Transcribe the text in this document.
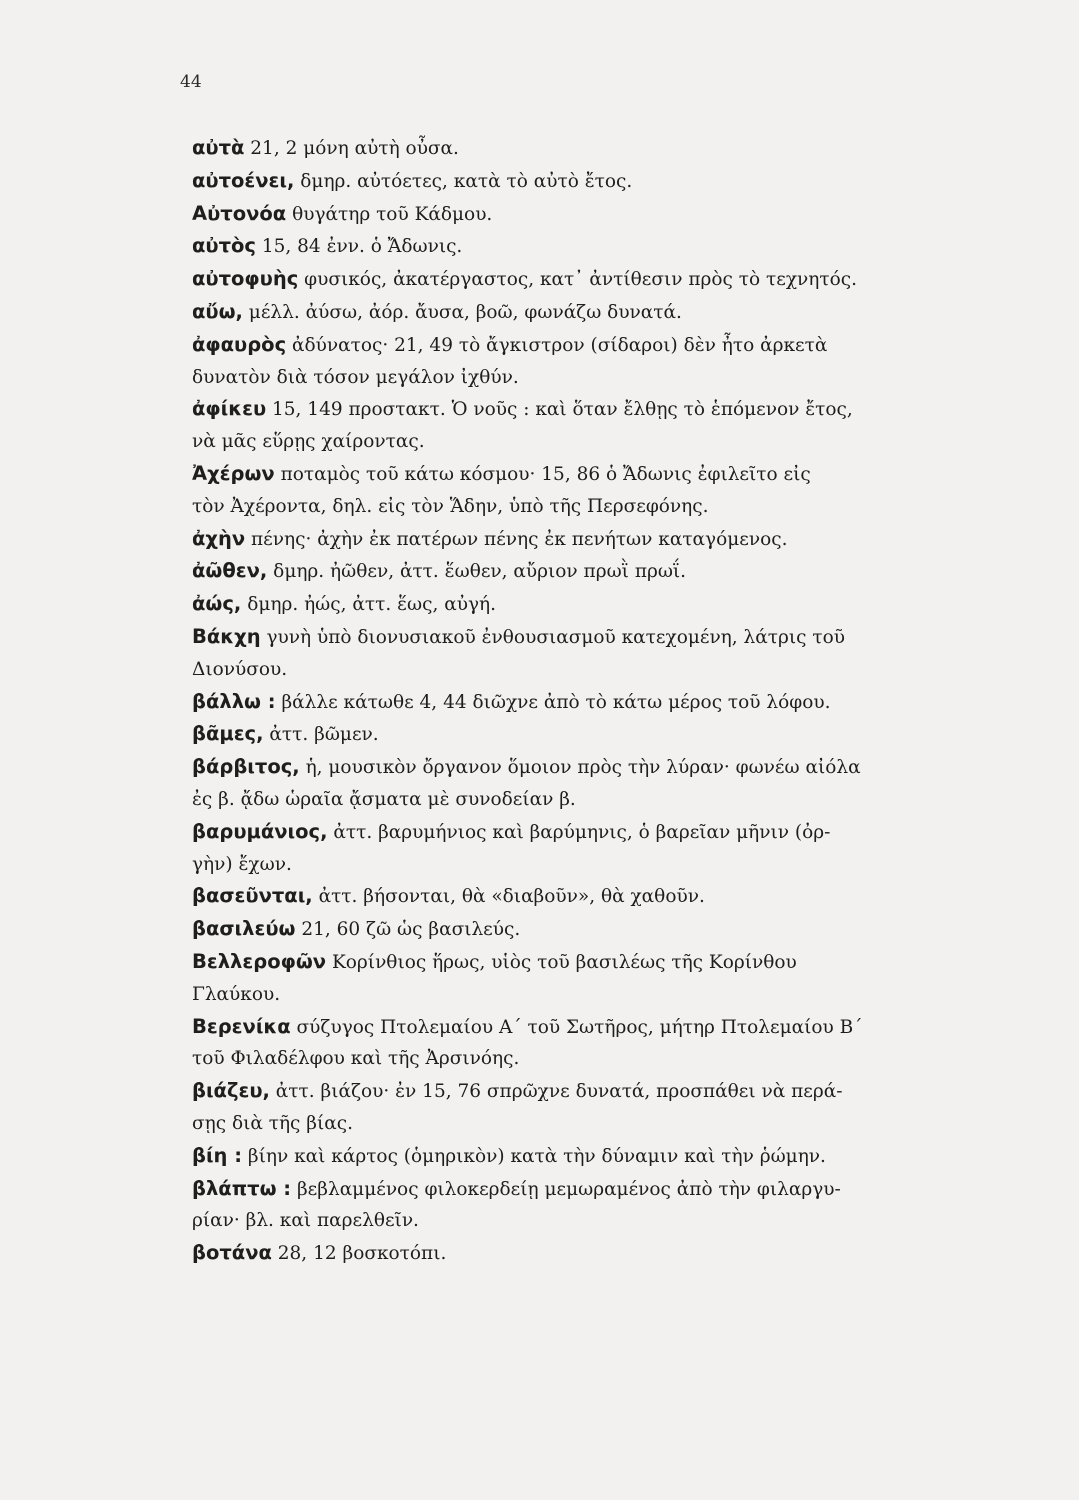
44
αὐτὰ 21, 2 μόνη αὐτὴ οὖσα.
αὐτοένει, δμηρ. αὐτόετες, κατὰ τὸ αὐτὸ ἔτος.
Αὐτονόα θυγάτηρ τοῦ Κάδμου.
αὐτὸς 15, 84 ἐνν. ὁ Ἄδωνις.
αὐτοφυὴς φυσικός, ἀκατέργαστος, κατ᾽ ἀντίθεσιν πρὸς τὸ τεχνητός.
αὔω, μέλλ. ἀύσω, ἀόρ. ἄυσα, βοῶ, φωνάζω δυνατά.
ἀφαυρὸς ἀδύνατος· 21, 49 τὸ ἄγκιστρον (σίδαροι) δὲν ἦτο ἀρκετὰ
δυνατὸν διὰ τόσον μεγάλον ἰχθύν.
ἀφίκευ 15, 149 προστακτ. Ὁ νοῦς : καὶ ὅταν ἔλθῃς τὸ ἑπόμενον ἔτος,
νὰ μᾶς εὕρῃς χαίροντας.
Ἀχέρων ποταμὸς τοῦ κάτω κόσμου· 15, 86 ὁ Ἄδωνις ἐφιλεῖτο εἰς
τὸν Ἀχέροντα, δηλ. εἰς τὸν Ἅδην, ὑπὸ τῆς Περσεφόνης.
ἀχὴν πένης· ἀχὴν ἐκ πατέρων πένης ἐκ πενήτων καταγόμενος.
ἀῶθεν, δμηρ. ἠῶθεν, ἀττ. ἕωθεν, αὔριον πρωῒ πρωΐ.
ἀώς, δμηρ. ἠώς, ἀττ. ἕως, αὐγή.
Βάκχη γυνὴ ὑπὸ διονυσιακοῦ ἐνθουσιασμοῦ κατεχομένη, λάτρις τοῦ
Διονύσου.
βάλλω : βάλλε κάτωθε 4, 44 διῶχνε ἀπὸ τὸ κάτω μέρος τοῦ λόφου.
βᾶμες, ἀττ. βῶμεν.
βάρβιτος, ἡ, μουσικὸν ὄργανον ὅμοιον πρὸς τὴν λύραν· φωνέω αἰόλα
ἐς β. ᾄδω ὡραῖα ᾄσματα μὲ συνοδείαν β.
βαρυμάνιος, ἀττ. βαρυμήνιος καὶ βαρύμηνις, ὁ βαρεῖαν μῆνιν (ὀρ-
γὴν) ἔχων.
βασεῦνται, ἀττ. βήσονται, θὰ «διαβοῦν», θὰ χαθοῦν.
βασιλεύω 21, 60 ζῶ ὡς βασιλεύς.
Βελλεροφῶν Κορίνθιος ἥρως, υἱὸς τοῦ βασιλέως τῆς Κορίνθου
Γλαύκου.
Βερενίκα σύζυγος Πτολεμαίου Α΄ τοῦ Σωτῆρος, μήτηρ Πτολεμαίου Β΄
τοῦ Φιλαδέλφου καὶ τῆς Ἀρσινόης.
βιάζευ, ἀττ. βιάζου· ἐν 15, 76 σπρῶχνε δυνατά, προσπάθει νὰ περά-
σῃς διὰ τῆς βίας.
βίη : βίην καὶ κάρτος (ὁμηρικὸν) κατὰ τὴν δύναμιν καὶ τὴν ῥώμην.
βλάπτω : βεβλαμμένος φιλοκερδείῃ μεμωραμένος ἀπὸ τὴν φιλαργυ-
ρίαν· βλ. καὶ παρελθεῖν.
βοτάνα 28, 12 βοσκοτόπι.
